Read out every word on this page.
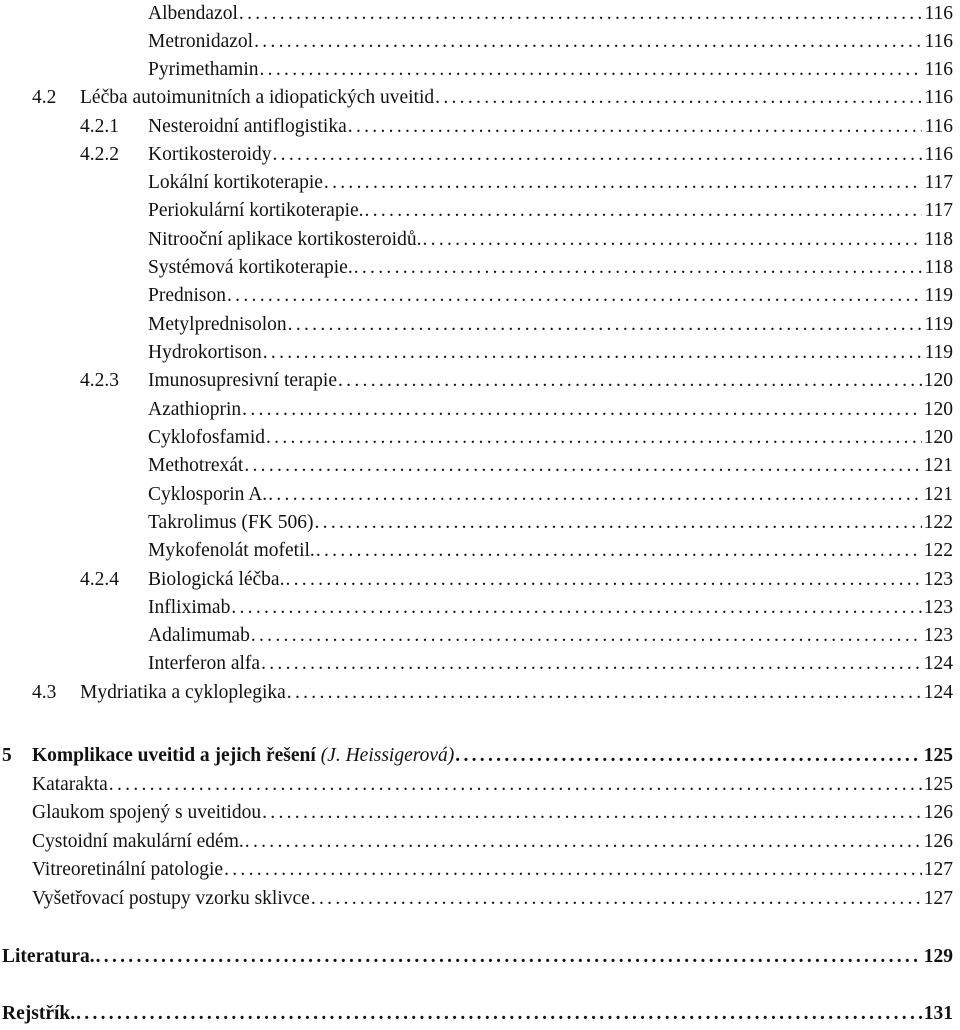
Albendazol .....	116
Metronidazol .....	116
Pyrimethamin .....	116
4.2 Léčba autoimunitních a idiopatických uveitid .....	116
4.2.1 Nesteroidní antiflogistika .....	116
4.2.2 Kortikosteroidy .....	116
Lokální kortikoterapie .....	117
Periokulární kortikoterapie. .....	117
Nitrooční aplikace kortikosteroidů. .....	118
Systémová kortikoterapie. .....	118
Prednison .....	119
Metylprednisolon .....	119
Hydrokortison .....	119
4.2.3 Imunosupresivní terapie .....	120
Azathioprin .....	120
Cyklofosfamid .....	120
Methotrexát .....	121
Cyklosporin A. .....	121
Takrolimus (FK 506) .....	122
Mykofenolát mofetil. .....	122
4.2.4 Biologická léčba. .....	123
Infliximab .....	123
Adalimumab .....	123
Interferon alfa .....	124
4.3 Mydriatika a cykloplegika .....	124
5 Komplikace uveitid a jejich řešení (J. Heissigerová) .....	125
Katarakta .....	125
Glaukom spojený s uveitidou .....	126
Cystoidní makulární edém. .....	126
Vitreoretinální patologie .....	127
Vyšetřovací postupy vzorku sklivce .....	127
Literatura. .....	129
Rejstřík. .....	131
